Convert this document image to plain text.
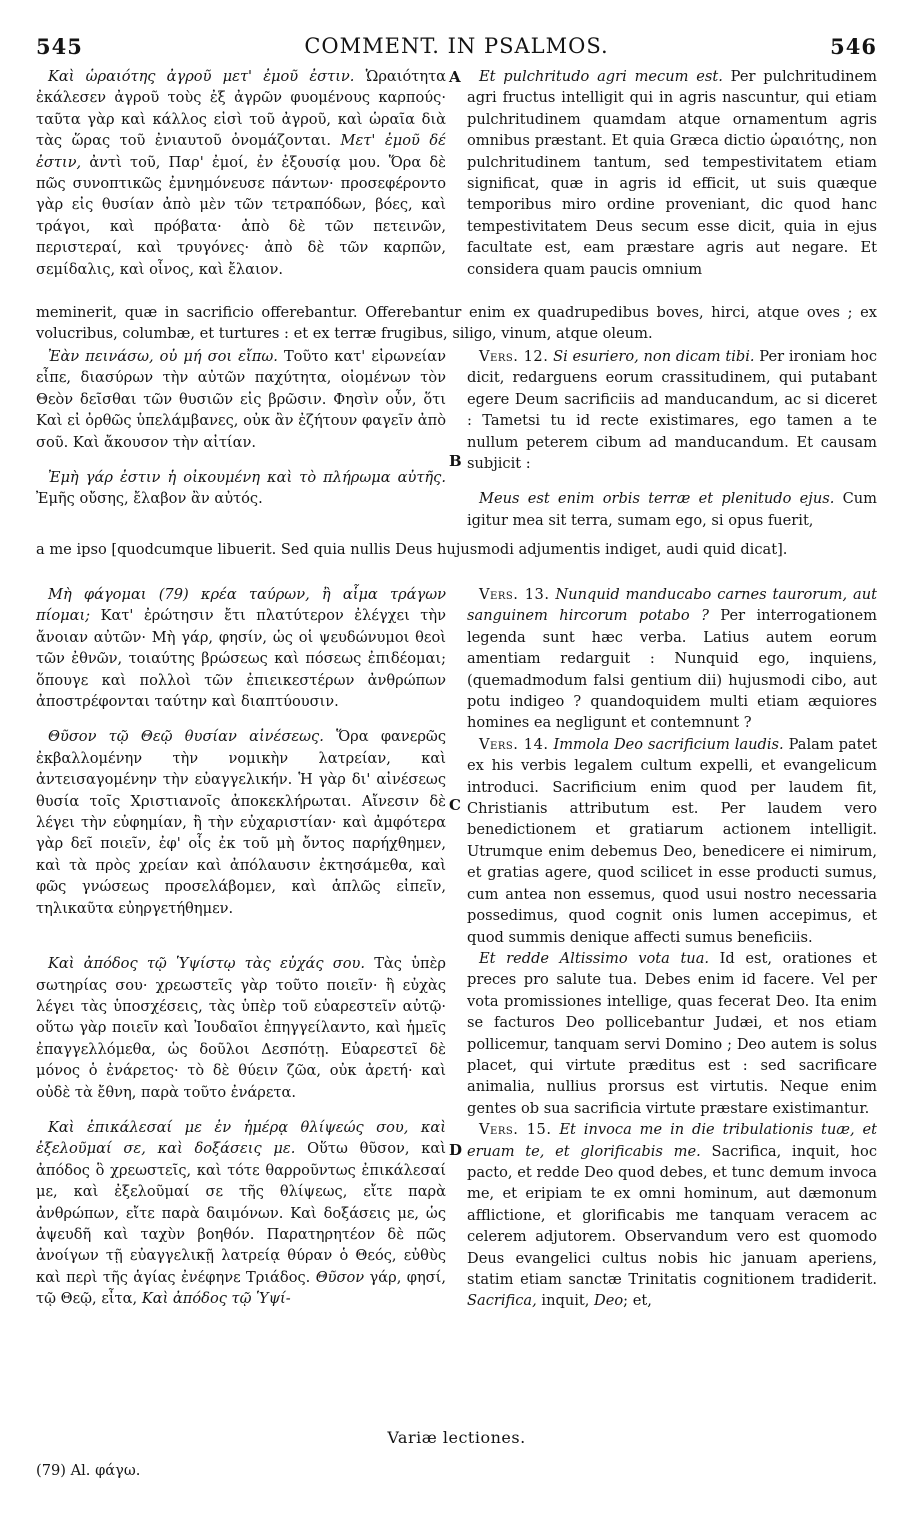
545	COMMENT. IN PSALMOS.	546

Καὶ ὡραιότης ἀγροῦ μετ' ἐμοῦ ἐστιν. Ὡραιότητα ἐκάλεσεν ἀγροῦ τοὺς ἐξ ἀγρῶν φυομένους καρπούς· ταῦτα γὰρ καὶ κάλλος εἰσὶ τοῦ ἀγροῦ, καὶ ὡραῖα διὰ τὰς ὥρας τοῦ ἐνιαυτοῦ ὀνομάζονται. Μετ' ἐμοῦ δέ ἐστιν, ἀντὶ τοῦ, Παρ' ἐμοί, ἐν ἐξουσίᾳ μου. Ὅρα δὲ πῶς συνοπτικῶς ἐμνημόνευσε πάντων· προσεφέροντο γὰρ εἰς θυσίαν ἀπὸ μὲν τῶν τετραπόδων, βόες, καὶ τράγοι, καὶ πρόβατα· ἀπὸ δὲ τῶν πετεινῶν, περιστεραί, καὶ τρυγόνες· ἀπὸ δὲ τῶν καρπῶν, σεμίδαλις, καὶ οἶνος, καὶ ἔλαιον.

Et pulchritudo agri mecum est. Per pulchritudinem agri fructus intelligit qui in agris nascuntur, qui etiam pulchritudinem quamdam atque ornamentum agris omnibus præstant. Et quia Græca dictio ὡραιότης, non pulchritudinem tantum, sed tempestivitatem etiam significat, quæ in agris id efficit, ut suis quæque temporibus miro ordine proveniant, dic quod hanc tempestivitatem Deus secum esse dicit, quia in ejus facultate est, eam præstare agris aut negare. Et considera quam paucis omnium

A
meminerit, quæ in sacrificio offerebantur. Offerebantur enim ex quadrupedibus boves, hirci, atque oves ; ex volucribus, columbæ, et turtures : et ex terræ frugibus, siligo, vinum, atque oleum.

Ἐὰν πεινάσω, οὐ μή σοι εἴπω. Τοῦτο κατ' εἰρωνείαν εἶπε, διασύρων τὴν αὐτῶν παχύτητα, οἰομένων τὸν Θεὸν δεῖσθαι τῶν θυσιῶν εἰς βρῶσιν. Φησὶν οὖν, ὅτι Καὶ εἰ ὀρθῶς ὑπελάμβανες, οὐκ ἂν ἐζήτουν φαγεῖν ἀπὸ σοῦ. Καὶ ἄκουσον τὴν αἰτίαν.

Ἐμὴ γάρ ἐστιν ἡ οἰκουμένη καὶ τὸ πλήρωμα αὐτῆς. Ἐμῆς οὔσης, ἔλαβον ἂν αὐτός.

Vers. 12. Si esuriero, non dicam tibi. Per ironiam hoc dicit, redarguens eorum crassitudinem, qui putabant egere Deum sacrificiis ad manducandum, ac si diceret : Tametsi tu id recte existimares, ego tamen a te nullum peterem cibum ad manducandum. Et causam subjicit :

Meus est enim orbis terræ et plenitudo ejus. Cum igitur mea sit terra, sumam ego, si opus fuerit,

B
a me ipso [quodcumque libuerit. Sed quia nullis Deus hujusmodi adjumentis indiget, audi quid dicat].

Μὴ φάγομαι (79) κρέα ταύρων, ἢ αἷμα τράγων πίομαι; Κατ' ἐρώτησιν ἔτι πλατύτερον ἐλέγχει τὴν ἄνοιαν αὐτῶν· Μὴ γάρ, φησίν, ὡς οἱ ψευδώνυμοι θεοὶ τῶν ἐθνῶν, τοιαύτης βρώσεως καὶ πόσεως ἐπιδέομαι; ὅπουγε καὶ πολλοὶ τῶν ἐπιεικεστέρων ἀνθρώπων ἀποστρέφονται ταύτην καὶ διαπτύουσιν.

Θῦσον τῷ Θεῷ θυσίαν αἰνέσεως. Ὅρα φανερῶς ἐκβαλλομένην τὴν νομικὴν λατρείαν, καὶ ἀντεισαγομένην τὴν εὐαγγελικήν. Ἡ γὰρ δι' αἰνέσεως θυσία τοῖς Χριστιανοῖς ἀποκεκλήρωται. Αἴνεσιν δὲ λέγει τὴν εὐφημίαν, ἢ τὴν εὐχαριστίαν· καὶ ἀμφότερα γὰρ δεῖ ποιεῖν, ἐφ' οἷς ἐκ τοῦ μὴ ὄντος παρήχθημεν, καὶ τὰ πρὸς χρείαν καὶ ἀπόλαυσιν ἐκτησάμεθα, καὶ φῶς γνώσεως προσελάβομεν, καὶ ἁπλῶς εἰπεῖν, τηλικαῦτα εὐηργετήθημεν.

Καὶ ἀπόδος τῷ Ὑψίστῳ τὰς εὐχάς σου. Τὰς ὑπὲρ σωτηρίας σου· χρεωστεῖς γὰρ τοῦτο ποιεῖν· ἢ εὐχὰς λέγει τὰς ὑποσχέσεις, τὰς ὑπὲρ τοῦ εὐαρεστεῖν αὐτῷ· οὕτω γὰρ ποιεῖν καὶ Ἰουδαῖοι ἐπηγγείλαντο, καὶ ἡμεῖς ἐπαγγελλόμεθα, ὡς δοῦλοι Δεσπότῃ. Εὐαρεστεῖ δὲ μόνος ὁ ἐνάρετος· τὸ δὲ θύειν ζῶα, οὐκ ἀρετή· καὶ οὐδὲ τὰ ἔθνη, παρὰ τοῦτο ἐνάρετα.

Καὶ ἐπικάλεσαί με ἐν ἡμέρᾳ θλίψεώς σου, καὶ ἐξελοῦμαί σε, καὶ δοξάσεις με. Οὕτω θῦσον, καὶ ἀπόδος ὃ χρεωστεῖς, καὶ τότε θαρροῦντως ἐπικάλεσαί με, καὶ ἐξελοῦμαί σε τῆς θλίψεως, εἴτε παρὰ ἀνθρώπων, εἴτε παρὰ δαιμόνων. Καὶ δοξάσεις με, ὡς ἀψευδῆ καὶ ταχὺν βοηθόν. Παρατηρητέον δὲ πῶς ἀνοίγων τῇ εὐαγγελικῇ λατρείᾳ θύραν ὁ Θεός, εὐθὺς καὶ περὶ τῆς ἁγίας ἐνέφηνε Τριάδος. Θῦσον γάρ, φησί, τῷ Θεῷ, εἶτα, Καὶ ἀπόδος τῷ Ὑψί-

Vers. 13. Nunquid manducabo carnes taurorum, aut sanguinem hircorum potabo ? Per interrogationem legenda sunt hæc verba. Latius autem eorum amentiam redarguit : Nunquid ego, inquiens, (quemadmodum falsi gentium dii) hujusmodi cibo, aut potu indigeo ? quandoquidem multi etiam æquiores homines ea negligunt et contemnunt ?

Vers. 14. Immola Deo sacrificium laudis. Palam patet ex his verbis legalem cultum expelli, et evangelicum introduci. Sacrificium enim quod per laudem fit, Christianis attributum est. Per laudem vero benedictionem et gratiarum actionem intelligit. Utrumque enim debemus Deo, benedicere ei nimirum, et gratias agere, quod scilicet in esse producti sumus, cum antea non essemus, quod usui nostro necessaria possedimus, quod cognit onis lumen accepimus, et quod summis denique affecti sumus beneficiis.

Et redde Altissimo vota tua. Id est, orationes et preces pro salute tua. Debes enim id facere. Vel per vota promissiones intellige, quas fecerat Deo. Ita enim se facturos Deo pollicebantur Judæi, et nos etiam pollicemur, tanquam servi Domino ; Deo autem is solus placet, qui virtute præditus est : sed sacrificare animalia, nullius prorsus est virtutis. Neque enim gentes ob sua sacrificia virtute præstare existimantur.

Vers. 15. Et invoca me in die tribulationis tuæ, et eruam te, et glorificabis me. Sacrifica, inquit, hoc pacto, et redde Deo quod debes, et tunc demum invoca me, et eripiam te ex omni hominum, aut dæmonum afflictione, et glorificabis me tanquam veracem ac celerem adjutorem. Observandum vero est quomodo Deus evangelici cultus nobis hic januam aperiens, statim etiam sanctæ Trinitatis cognitionem tradiderit. Sacrifica, inquit, Deo; et,

C
D
Variæ lectiones.
(79) Al. φάγω.
